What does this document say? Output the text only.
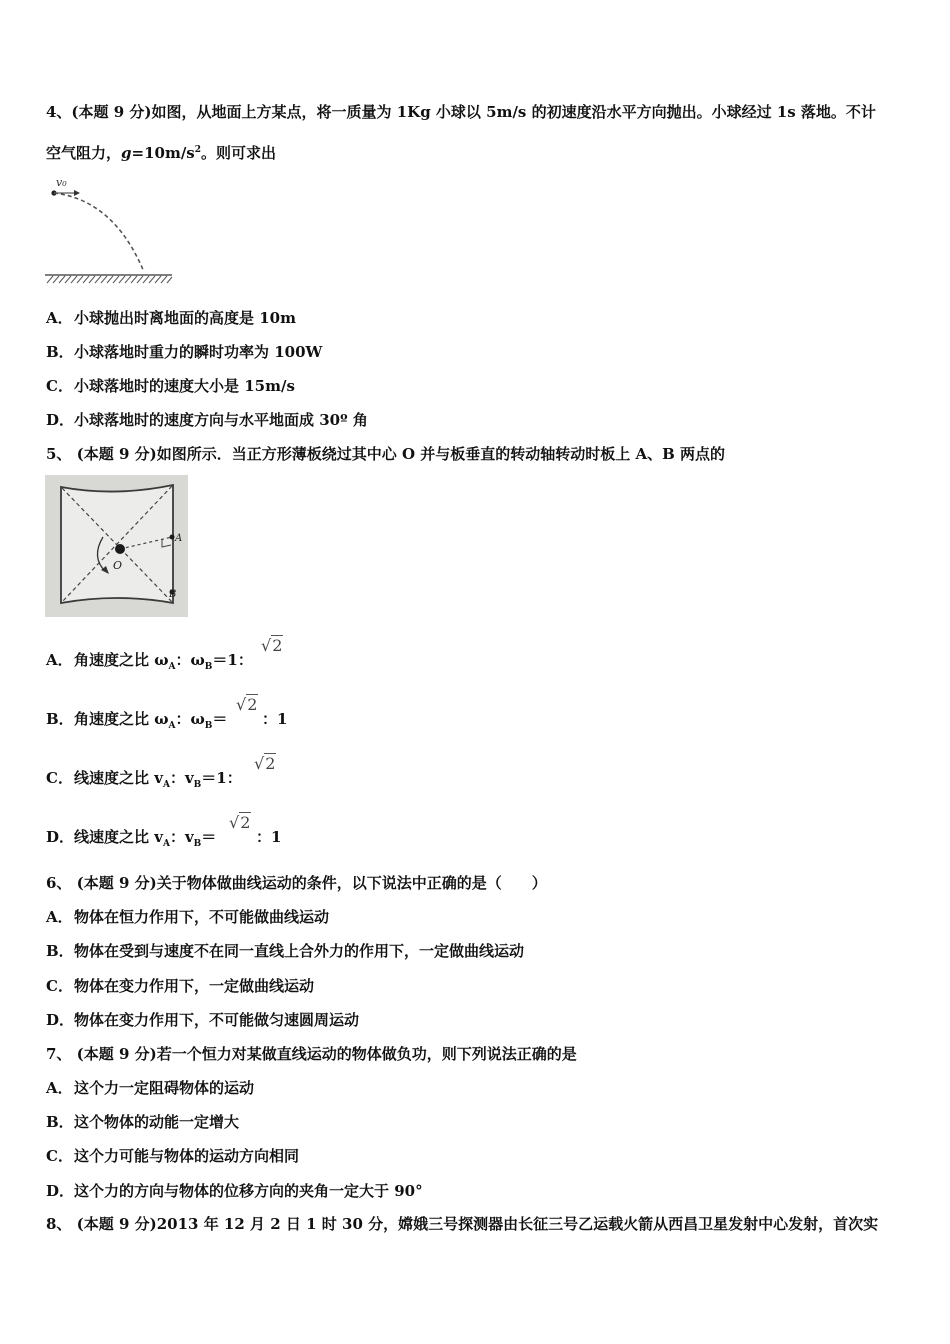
4、(本题 9 分)如图，从地面上方某点，将一质量为 1Kg 小球以 5m/s 的初速度沿水平方向抛出。小球经过 1s 落地。不计
空气阻力，$g=10m/s^2$。则可求出
v₀
A．小球抛出时离地面的高度是 10m
B．小球落地时重力的瞬时功率为 100W
C．小球落地时的速度大小是 15m/s
D．小球落地时的速度方向与水平地面成 30º 角
5、 (本题 9 分)如图所示．当正方形薄板绕过其中心 O 并与板垂直的转动轴转动时板上 A、B 两点的
O
A
B
A．角速度之比 $\omega_A$：$\omega_B=1$：
√2
B．角速度之比 $\omega_A$：$\omega_B=$
√2
：1
C．线速度之比 $v_A$：$v_B=1$：
√2
D．线速度之比 $v_A$：$v_B=$
√2
：1
6、 (本题 9 分)关于物体做曲线运动的条件，以下说法中正确的是（　　）
A．物体在恒力作用下，不可能做曲线运动
B．物体在受到与速度不在同一直线上合外力的作用下，一定做曲线运动
C．物体在变力作用下，一定做曲线运动
D．物体在变力作用下，不可能做匀速圆周运动
7、 (本题 9 分)若一个恒力对某做直线运动的物体做负功，则下列说法正确的是
A．这个力一定阻碍物体的运动
B．这个物体的动能一定增大
C．这个力可能与物体的运动方向相同
D．这个力的方向与物体的位移方向的夹角一定大于 90°
8、 (本题 9 分)2013 年 12 月 2 日 1 时 30 分，嫦娥三号探测器由长征三号乙运载火箭从西昌卫星发射中心发射，首次实
